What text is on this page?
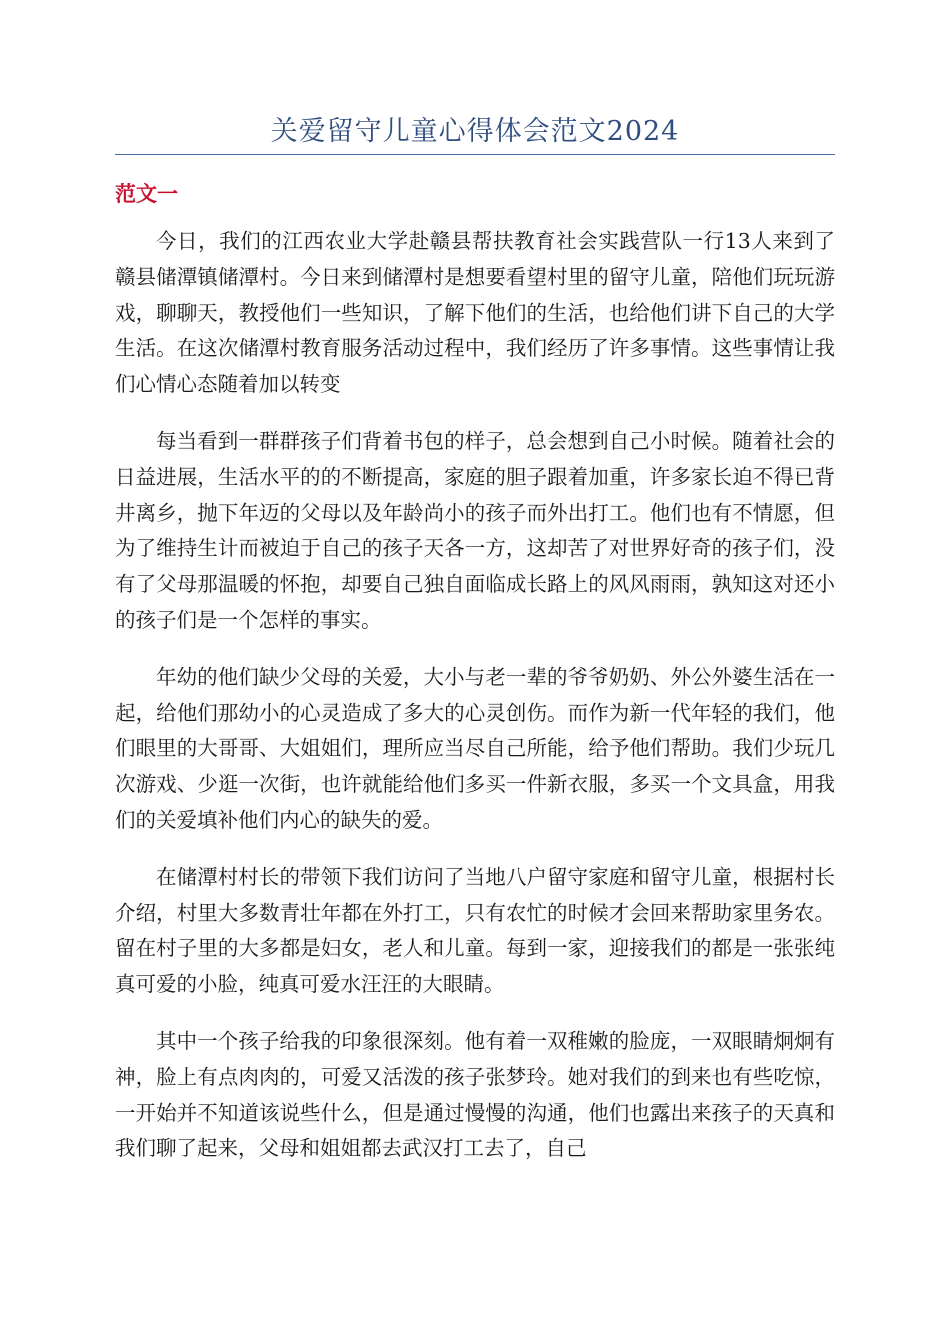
关爱留守儿童心得体会范文2024
范文一

今日，我们的江西农业大学赴赣县帮扶教育社会实践营队一行13人来到了赣县储潭镇储潭村。今日来到储潭村是想要看望村里的留守儿童，陪他们玩玩游戏，聊聊天，教授他们一些知识，了解下他们的生活，也给他们讲下自己的大学生活。在这次储潭村教育服务活动过程中，我们经历了许多事情。这些事情让我们心情心态随着加以转变

每当看到一群群孩子们背着书包的样子，总会想到自己小时候。随着社会的日益进展，生活水平的的不断提高，家庭的胆子跟着加重，许多家长迫不得已背井离乡，抛下年迈的父母以及年龄尚小的孩子而外出打工。他们也有不情愿，但为了维持生计而被迫于自己的孩子天各一方，这却苦了对世界好奇的孩子们，没有了父母那温暖的怀抱，却要自己独自面临成长路上的风风雨雨，孰知这对还小的孩子们是一个怎样的事实。

年幼的他们缺少父母的关爱，大小与老一辈的爷爷奶奶、外公外婆生活在一起，给他们那幼小的心灵造成了多大的心灵创伤。而作为新一代年轻的我们，他们眼里的大哥哥、大姐姐们，理所应当尽自己所能，给予他们帮助。我们少玩几次游戏、少逛一次街，也许就能给他们多买一件新衣服，多买一个文具盒，用我们的关爱填补他们内心的缺失的爱。

在储潭村村长的带领下我们访问了当地八户留守家庭和留守儿童，根据村长介绍，村里大多数青壮年都在外打工，只有农忙的时候才会回来帮助家里务农。留在村子里的大多都是妇女，老人和儿童。每到一家，迎接我们的都是一张张纯真可爱的小脸，纯真可爱水汪汪的大眼睛。

其中一个孩子给我的印象很深刻。他有着一双稚嫩的脸庞，一双眼睛炯炯有神，脸上有点肉肉的，可爱又活泼的孩子张梦玲。她对我们的到来也有些吃惊，一开始并不知道该说些什么，但是通过慢慢的沟通，他们也露出来孩子的天真和我们聊了起来，父母和姐姐都去武汉打工去了，自己
